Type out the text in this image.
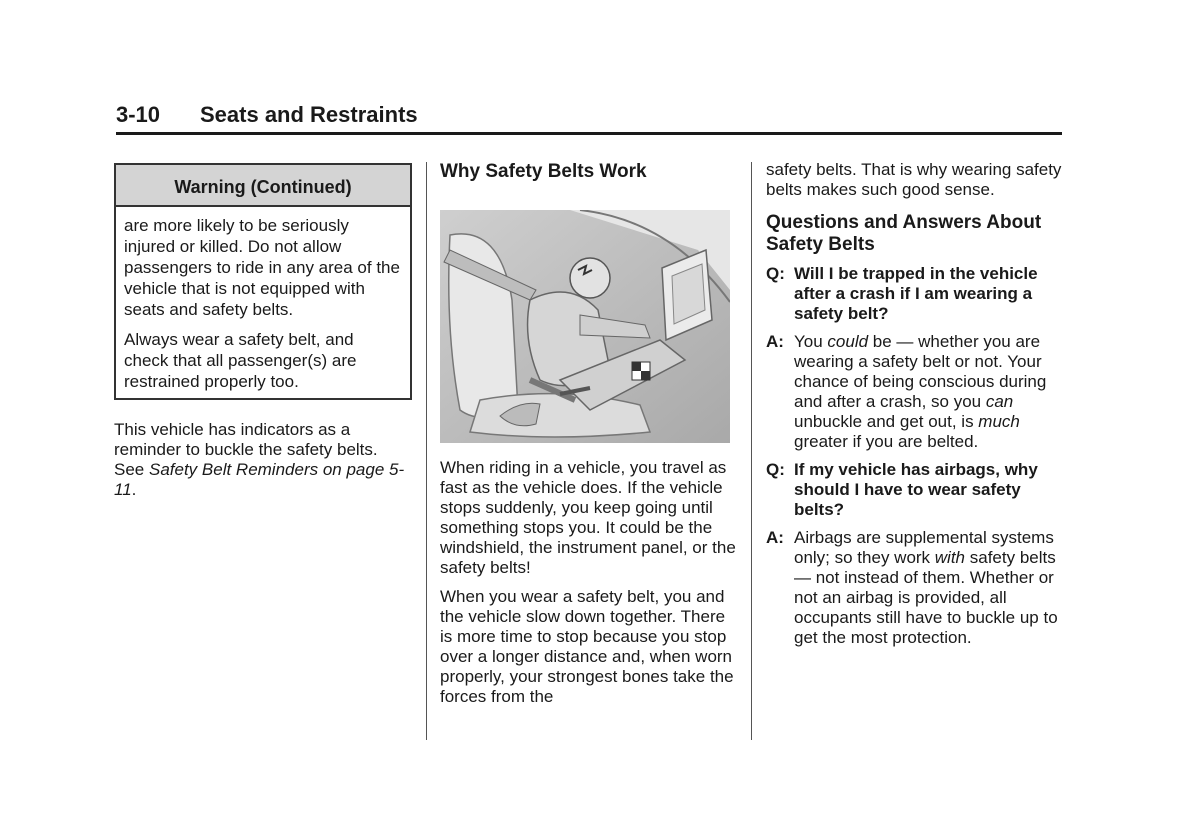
3-10 Seats and Restraints
Warning (Continued)

are more likely to be seriously injured or killed. Do not allow passengers to ride in any area of the vehicle that is not equipped with seats and safety belts.

Always wear a safety belt, and check that all passenger(s) are restrained properly too.

This vehicle has indicators as a reminder to buckle the safety belts. See Safety Belt Reminders on page 5-11.

Why Safety Belts Work

When riding in a vehicle, you travel as fast as the vehicle does. If the vehicle stops suddenly, you keep going until something stops you. It could be the windshield, the instrument panel, or the safety belts!

When you wear a safety belt, you and the vehicle slow down together. There is more time to stop because you stop over a longer distance and, when worn properly, your strongest bones take the forces from the

safety belts. That is why wearing safety belts makes such good sense.

Questions and Answers About Safety Belts
Q: Will I be trapped in the vehicle after a crash if I am wearing a safety belt?
A: You could be — whether you are wearing a safety belt or not. Your chance of being conscious during and after a crash, so you can unbuckle and get out, is much greater if you are belted.
Q: If my vehicle has airbags, why should I have to wear safety belts?
A: Airbags are supplemental systems only; so they work with safety belts — not instead of them. Whether or not an airbag is provided, all occupants still have to buckle up to get the most protection.
